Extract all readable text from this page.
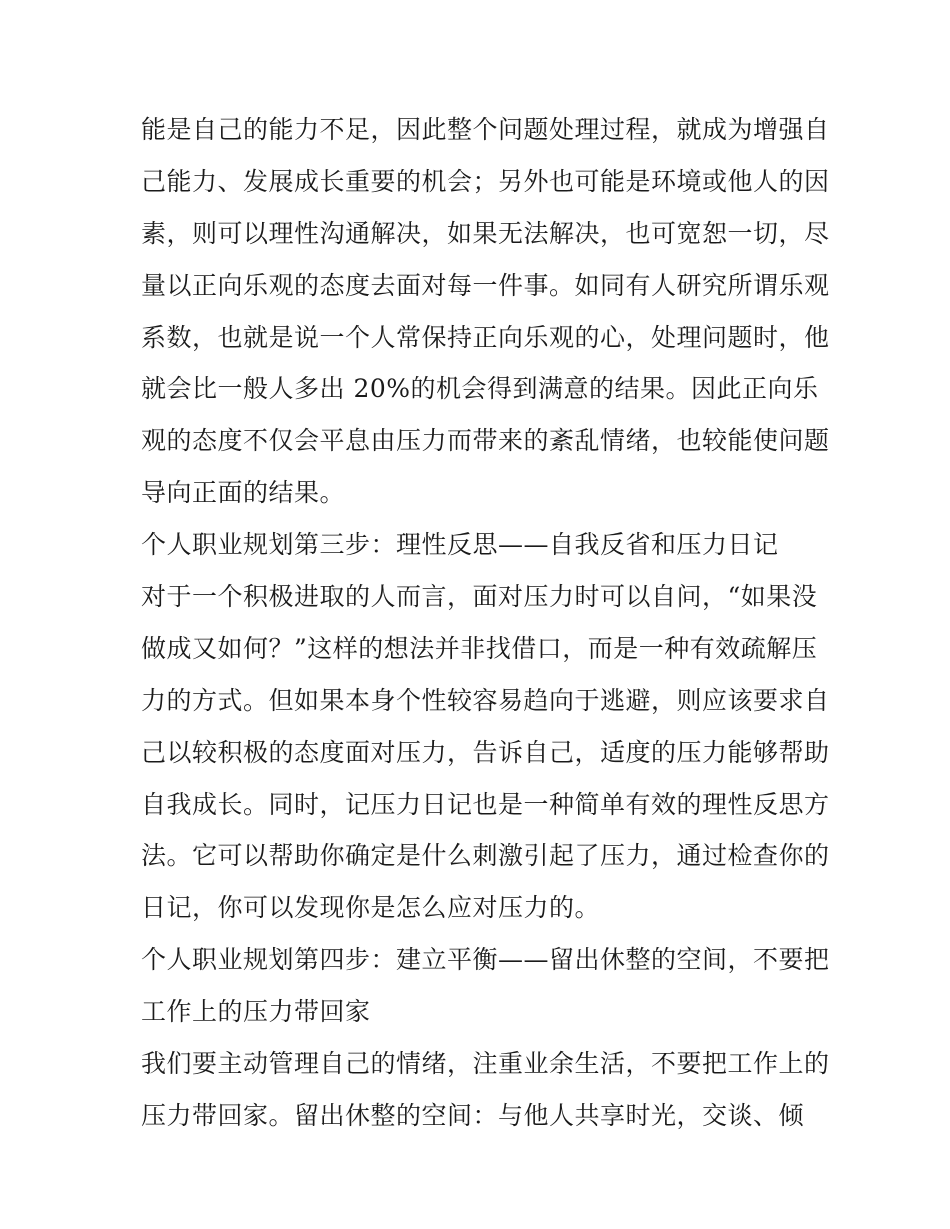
能是自己的能力不足，因此整个问题处理过程，就成为增强自
己能力、发展成长重要的机会；另外也可能是环境或他人的因
素，则可以理性沟通解决，如果无法解决，也可宽恕一切，尽
量以正向乐观的态度去面对每一件事。如同有人研究所谓乐观
系数，也就是说一个人常保持正向乐观的心，处理问题时，他
就会比一般人多出 20%的机会得到满意的结果。因此正向乐
观的态度不仅会平息由压力而带来的紊乱情绪，也较能使问题
导向正面的结果。
个人职业规划第三步：理性反思——自我反省和压力日记
对于一个积极进取的人而言，面对压力时可以自问，“如果没
做成又如何？”这样的想法并非找借口，而是一种有效疏解压
力的方式。但如果本身个性较容易趋向于逃避，则应该要求自
己以较积极的态度面对压力，告诉自己，适度的压力能够帮助
自我成长。同时，记压力日记也是一种简单有效的理性反思方
法。它可以帮助你确定是什么刺激引起了压力，通过检查你的
日记，你可以发现你是怎么应对压力的。
个人职业规划第四步：建立平衡——留出休整的空间，不要把
工作上的压力带回家
我们要主动管理自己的情绪，注重业余生活，不要把工作上的
压力带回家。留出休整的空间：与他人共享时光，交谈、倾
